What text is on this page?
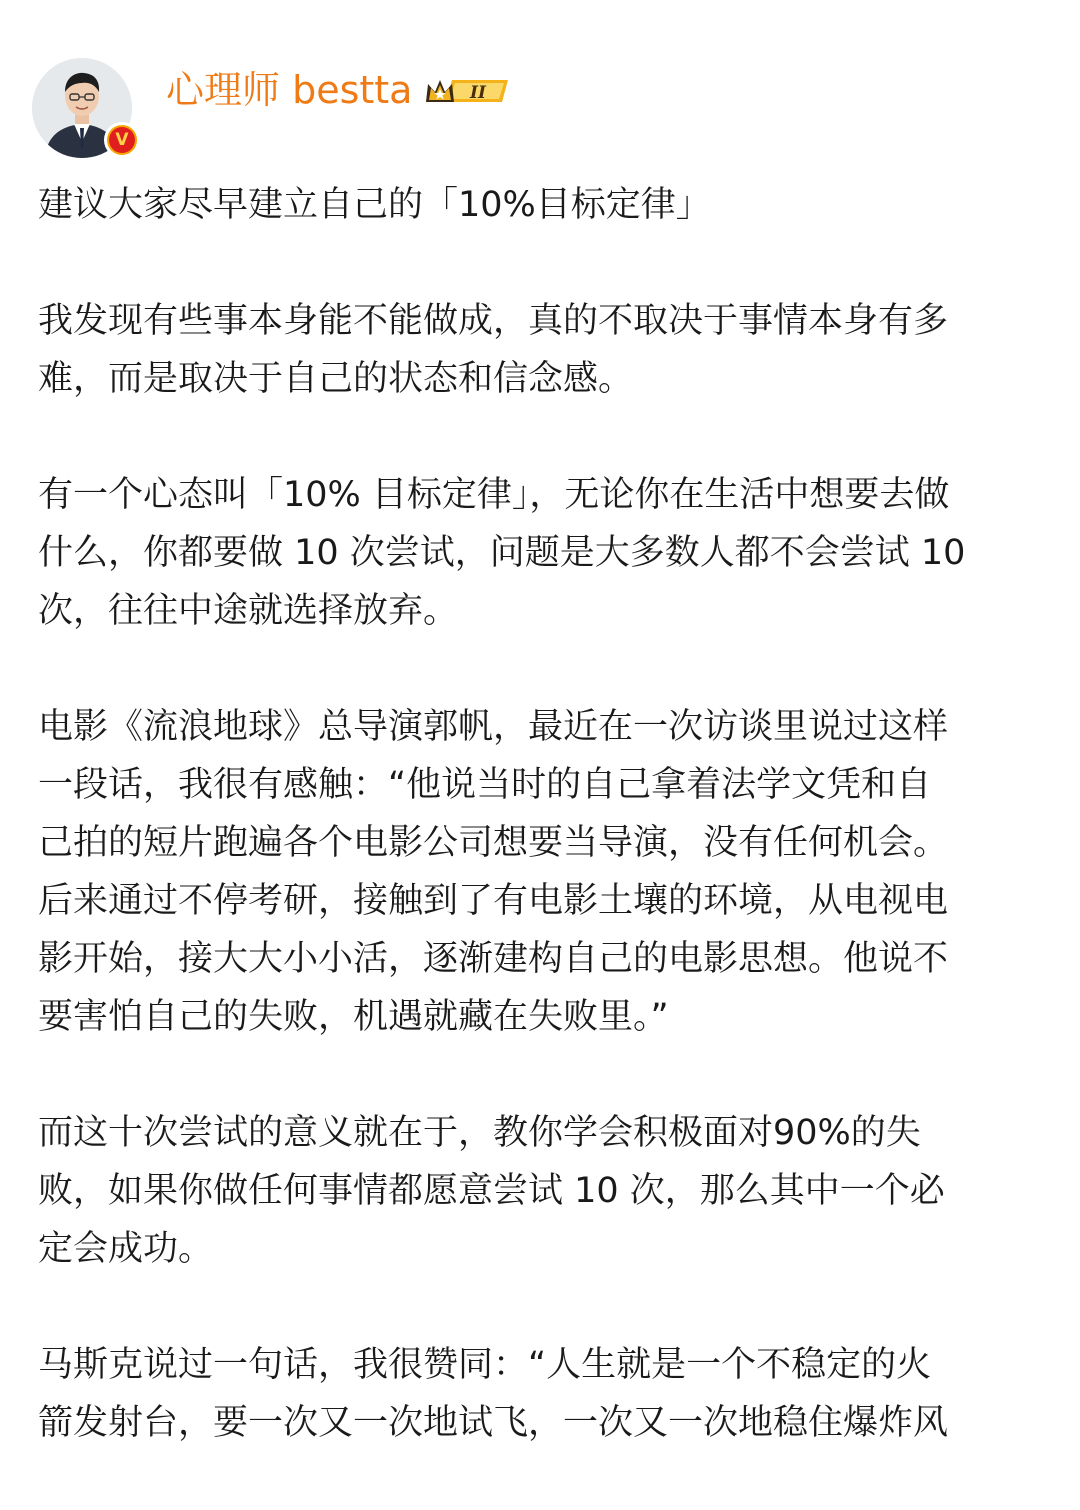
V
心理师 bestta	II

建议大家尽早建立自己的「10%目标定律」

我发现有些事本身能不能做成，真的不取决于事情本身有多
难，而是取决于自己的状态和信念感。

有一个心态叫「10% 目标定律」，无论你在生活中想要去做
什么，你都要做 10 次尝试，问题是大多数人都不会尝试 10
次，往往中途就选择放弃。

电影《流浪地球》总导演郭帆，最近在一次访谈里说过这样
一段话，我很有感触：“他说当时的自己拿着法学文凭和自
己拍的短片跑遍各个电影公司想要当导演，没有任何机会。
后来通过不停考研，接触到了有电影土壤的环境，从电视电
影开始，接大大小小活，逐渐建构自己的电影思想。他说不
要害怕自己的失败，机遇就藏在失败里。”

而这十次尝试的意义就在于，教你学会积极面对90%的失
败，如果你做任何事情都愿意尝试 10 次，那么其中一个必
定会成功。

马斯克说过一句话，我很赞同：“人生就是一个不稳定的火
箭发射台，要一次又一次地试飞，一次又一次地稳住爆炸风
